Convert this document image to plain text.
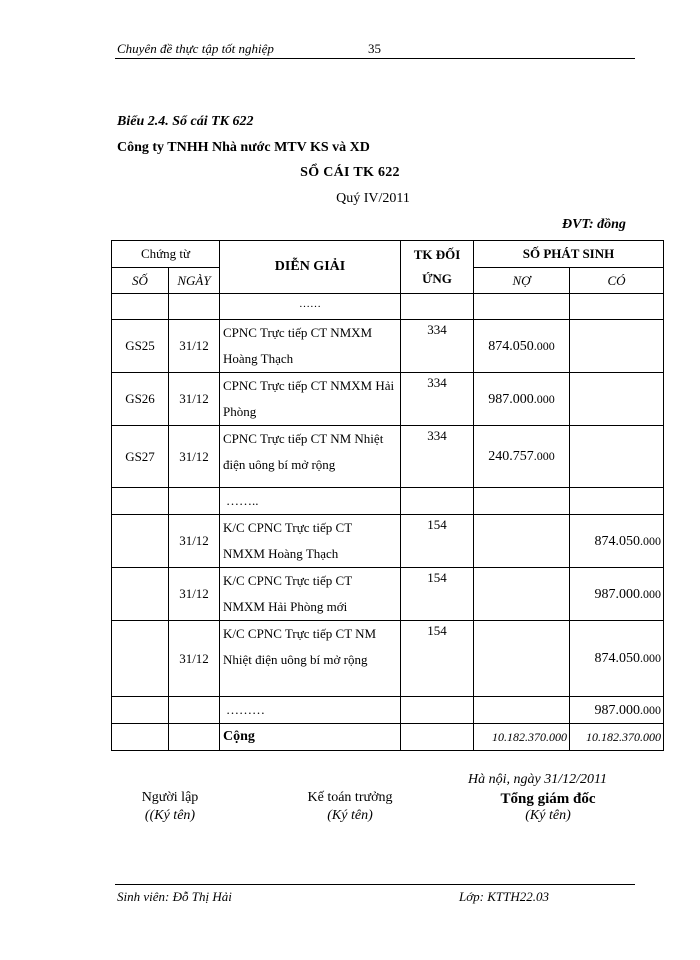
Chuyên đề thực tập tốt nghiệp	35
Biểu 2.4. Sổ cái TK 622
Công ty TNHH Nhà nước MTV KS và XD
SỔ CÁI TK 622
Quý IV/2011
ĐVT: đồng
Chứng từ		DIỄN GIẢI	TK ĐỐI ỨNG	SỐ PHÁT SINH	
SỐ	NGÀY			NỢ	CÓ
		……			
GS25	31/12	CPNC Trực tiếp CT NMXM Hoàng Thạch	334	874.050.000	
GS26	31/12	CPNC Trực tiếp CT NMXM Hải Phòng	334	987.000.000	
GS27	31/12	CPNC Trực tiếp CT NM Nhiệt điện uông bí mở rộng	334	240.757.000	
		……..			
	31/12	K/C CPNC Trực tiếp CT NMXM Hoàng Thạch	154		874.050.000
	31/12	K/C CPNC Trực tiếp CT NMXM Hải Phòng mới	154		987.000.000
	31/12	K/C CPNC Trực tiếp CT NM Nhiệt điện uông bí mở rộng	154		874.050.000
		………			987.000.000
		Cộng		10.182.370.000	10.182.370.000
Hà nội, ngày 31/12/2011
Người lập
((Ký tên)
Kế toán trưởng
(Ký tên)
Tổng giám đốc
(Ký tên)
Sinh viên: Đỗ Thị Hải	Lớp: KTTH22.03
